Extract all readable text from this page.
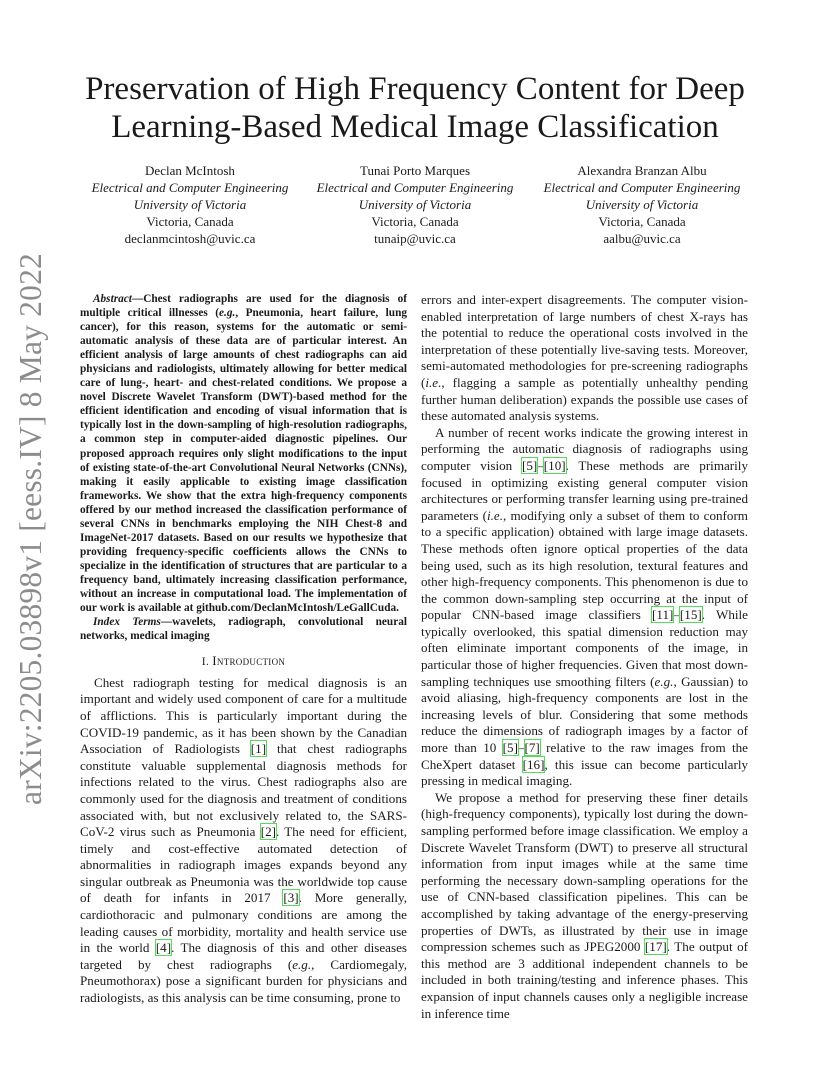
arXiv:2205.03898v1 [eess.IV] 8 May 2022
Preservation of High Frequency Content for Deep Learning-Based Medical Image Classification
Declan McIntosh
Electrical and Computer Engineering
University of Victoria
Victoria, Canada
declanmcintosh@uvic.ca
Tunai Porto Marques
Electrical and Computer Engineering
University of Victoria
Victoria, Canada
tunaip@uvic.ca
Alexandra Branzan Albu
Electrical and Computer Engineering
University of Victoria
Victoria, Canada
aalbu@uvic.ca

Abstract—Chest radiographs are used for the diagnosis of multiple critical illnesses (e.g., Pneumonia, heart failure, lung cancer), for this reason, systems for the automatic or semi-automatic analysis of these data are of particular interest. An efficient analysis of large amounts of chest radiographs can aid physicians and radiologists, ultimately allowing for better medical care of lung-, heart- and chest-related conditions. We propose a novel Discrete Wavelet Transform (DWT)-based method for the efficient identification and encoding of visual information that is typically lost in the down-sampling of high-resolution radiographs, a common step in computer-aided diagnostic pipelines. Our proposed approach requires only slight modifications to the input of existing state-of-the-art Convolutional Neural Networks (CNNs), making it easily applicable to existing image classification frameworks. We show that the extra high-frequency components offered by our method increased the classification performance of several CNNs in benchmarks employing the NIH Chest-8 and ImageNet-2017 datasets. Based on our results we hypothesize that providing frequency-specific coefficients allows the CNNs to specialize in the identification of structures that are particular to a frequency band, ultimately increasing classification performance, without an increase in computational load. The implementation of our work is available at github.com/DeclanMcIntosh/LeGallCuda.

Index Terms—wavelets, radiograph, convolutional neural networks, medical imaging

I. Introduction

Chest radiograph testing for medical diagnosis is an important and widely used component of care for a multitude of afflictions. This is particularly important during the COVID-19 pandemic, as it has been shown by the Canadian Association of Radiologists [1] that chest radiographs constitute valuable supplemental diagnosis methods for infections related to the virus. Chest radiographs also are commonly used for the diagnosis and treatment of conditions associated with, but not exclusively related to, the SARS-CoV-2 virus such as Pneumonia [2]. The need for efficient, timely and cost-effective automated detection of abnormalities in radiograph images expands beyond any singular outbreak as Pneumonia was the worldwide top cause of death for infants in 2017 [3]. More generally, cardiothoracic and pulmonary conditions are among the leading causes of morbidity, mortality and health service use in the world [4]. The diagnosis of this and other diseases targeted by chest radiographs (e.g., Cardiomegaly, Pneumothorax) pose a significant burden for physicians and radiologists, as this analysis can be time consuming, prone to

errors and inter-expert disagreements. The computer vision-enabled interpretation of large numbers of chest X-rays has the potential to reduce the operational costs involved in the interpretation of these potentially live-saving tests. Moreover, semi-automated methodologies for pre-screening radiographs (i.e., flagging a sample as potentially unhealthy pending further human deliberation) expands the possible use cases of these automated analysis systems.

A number of recent works indicate the growing interest in performing the automatic diagnosis of radiographs using computer vision [5]–[10]. These methods are primarily focused in optimizing existing general computer vision architectures or performing transfer learning using pre-trained parameters (i.e., modifying only a subset of them to conform to a specific application) obtained with large image datasets. These methods often ignore optical properties of the data being used, such as its high resolution, textural features and other high-frequency components. This phenomenon is due to the common down-sampling step occurring at the input of popular CNN-based image classifiers [11]–[15]. While typically overlooked, this spatial dimension reduction may often eliminate important components of the image, in particular those of higher frequencies. Given that most down-sampling techniques use smoothing filters (e.g., Gaussian) to avoid aliasing, high-frequency components are lost in the increasing levels of blur. Considering that some methods reduce the dimensions of radiograph images by a factor of more than 10 [5]–[7] relative to the raw images from the CheXpert dataset [16], this issue can become particularly pressing in medical imaging.

We propose a method for preserving these finer details (high-frequency components), typically lost during the down-sampling performed before image classification. We employ a Discrete Wavelet Transform (DWT) to preserve all structural information from input images while at the same time performing the necessary down-sampling operations for the use of CNN-based classification pipelines. This can be accomplished by taking advantage of the energy-preserving properties of DWTs, as illustrated by their use in image compression schemes such as JPEG2000 [17]. The output of this method are 3 additional independent channels to be included in both training/testing and inference phases. This expansion of input channels causes only a negligible increase in inference time
